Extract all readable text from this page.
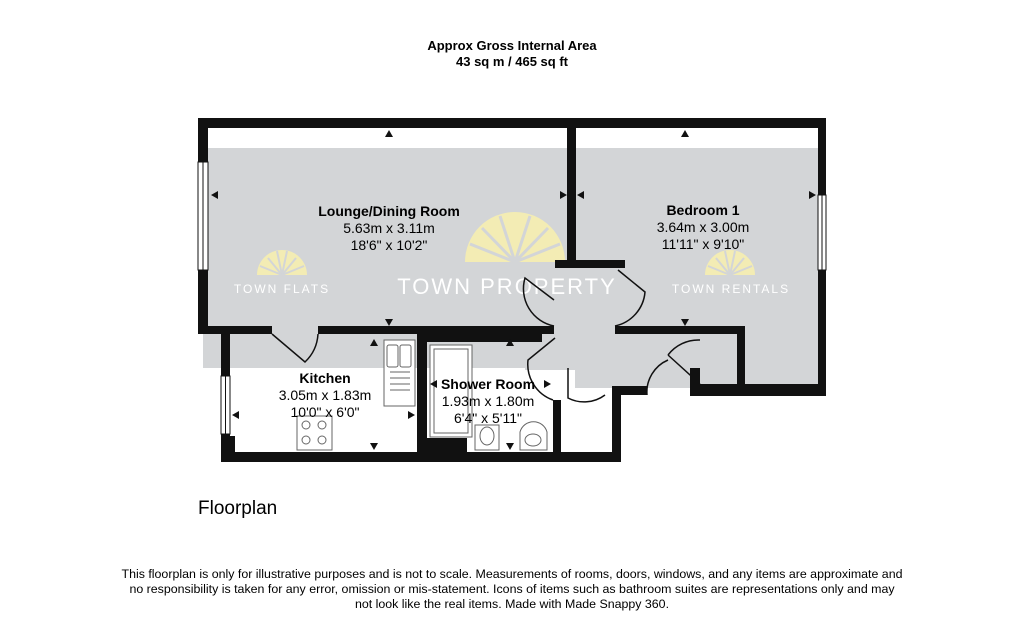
Approx Gross Internal Area
43 sq m / 465 sq ft
TOWN PROPERTY
TOWN FLATS	TOWN RENTALS
Lounge/Dining Room
5.63m x 3.11m
18'6" x 10'2"
Bedroom 1
3.64m x 3.00m
11'11" x 9'10"
Kitchen
3.05m x 1.83m
10'0" x 6'0"
Shower Room
1.93m x 1.80m
6'4" x 5'11"
Floorplan
This floorplan is only for illustrative purposes and is not to scale. Measurements of rooms, doors, windows, and any items are approximate and no responsibility is taken for any error, omission or mis-statement. Icons of items such as bathroom suites are representations only and may not look like the real items. Made with Made Snappy 360.
